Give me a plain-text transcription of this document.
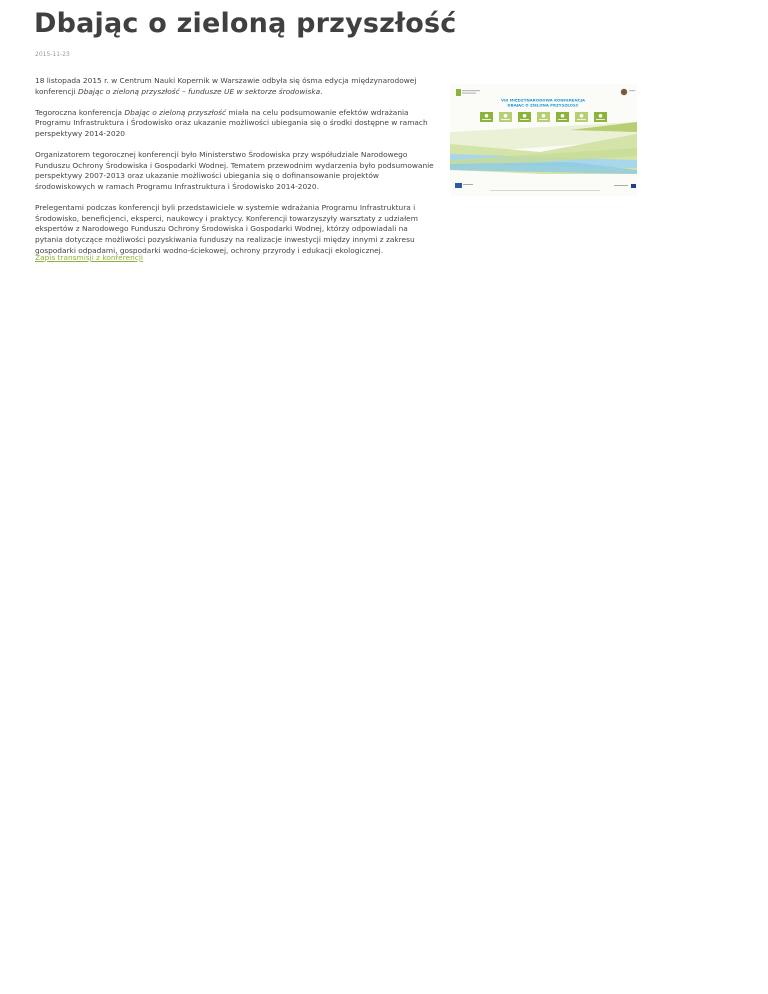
Dbając o zieloną przyszłość
2015-11-23

18 listopada 2015 r. w Centrum Nauki Kopernik w Warszawie odbyła się ósma edycja międzynarodowej konferencji Dbając o zieloną przyszłość – fundusze UE w sektorze środowiska.

Tegoroczna konferencja Dbając o zieloną przyszłość miała na celu podsumowanie efektów wdrażania Programu Infrastruktura i Środowisko oraz ukazanie możliwości ubiegania się o środki dostępne w ramach perspektywy 2014-2020

Organizatorem tegorocznej konferencji było Ministerstwo Środowiska przy współudziale Narodowego Funduszu Ochrony Środowiska i Gospodarki Wodnej. Tematem przewodnim wydarzenia było podsumowanie perspektywy 2007-2013 oraz ukazanie możliwości ubiegania się o dofinansowanie projektów środowiskowych w ramach Programu Infrastruktura i Środowisko 2014-2020.

Prelegentami podczas konferencji byli przedstawiciele w systemie wdrażania Programu Infrastruktura i Środowisko, beneficjenci, eksperci, naukowcy i praktycy. Konferencji towarzyszyły warsztaty z udziałem ekspertów z Narodowego Funduszu Ochrony Środowiska i Gospodarki Wodnej, którzy odpowiadali na pytania dotyczące możliwości pozyskiwania funduszy na realizacje inwestycji między innymi z zakresu gospodarki odpadami, gospodarki wodno-ściekowej, ochrony przyrody i edukacji ekologicznej.

Zapis transmisji z konferencji
VIII MIĘDZYNARODOWA KONFERENCJA
DBAJĄC O ZIELONĄ PRZYSZŁOŚĆ
